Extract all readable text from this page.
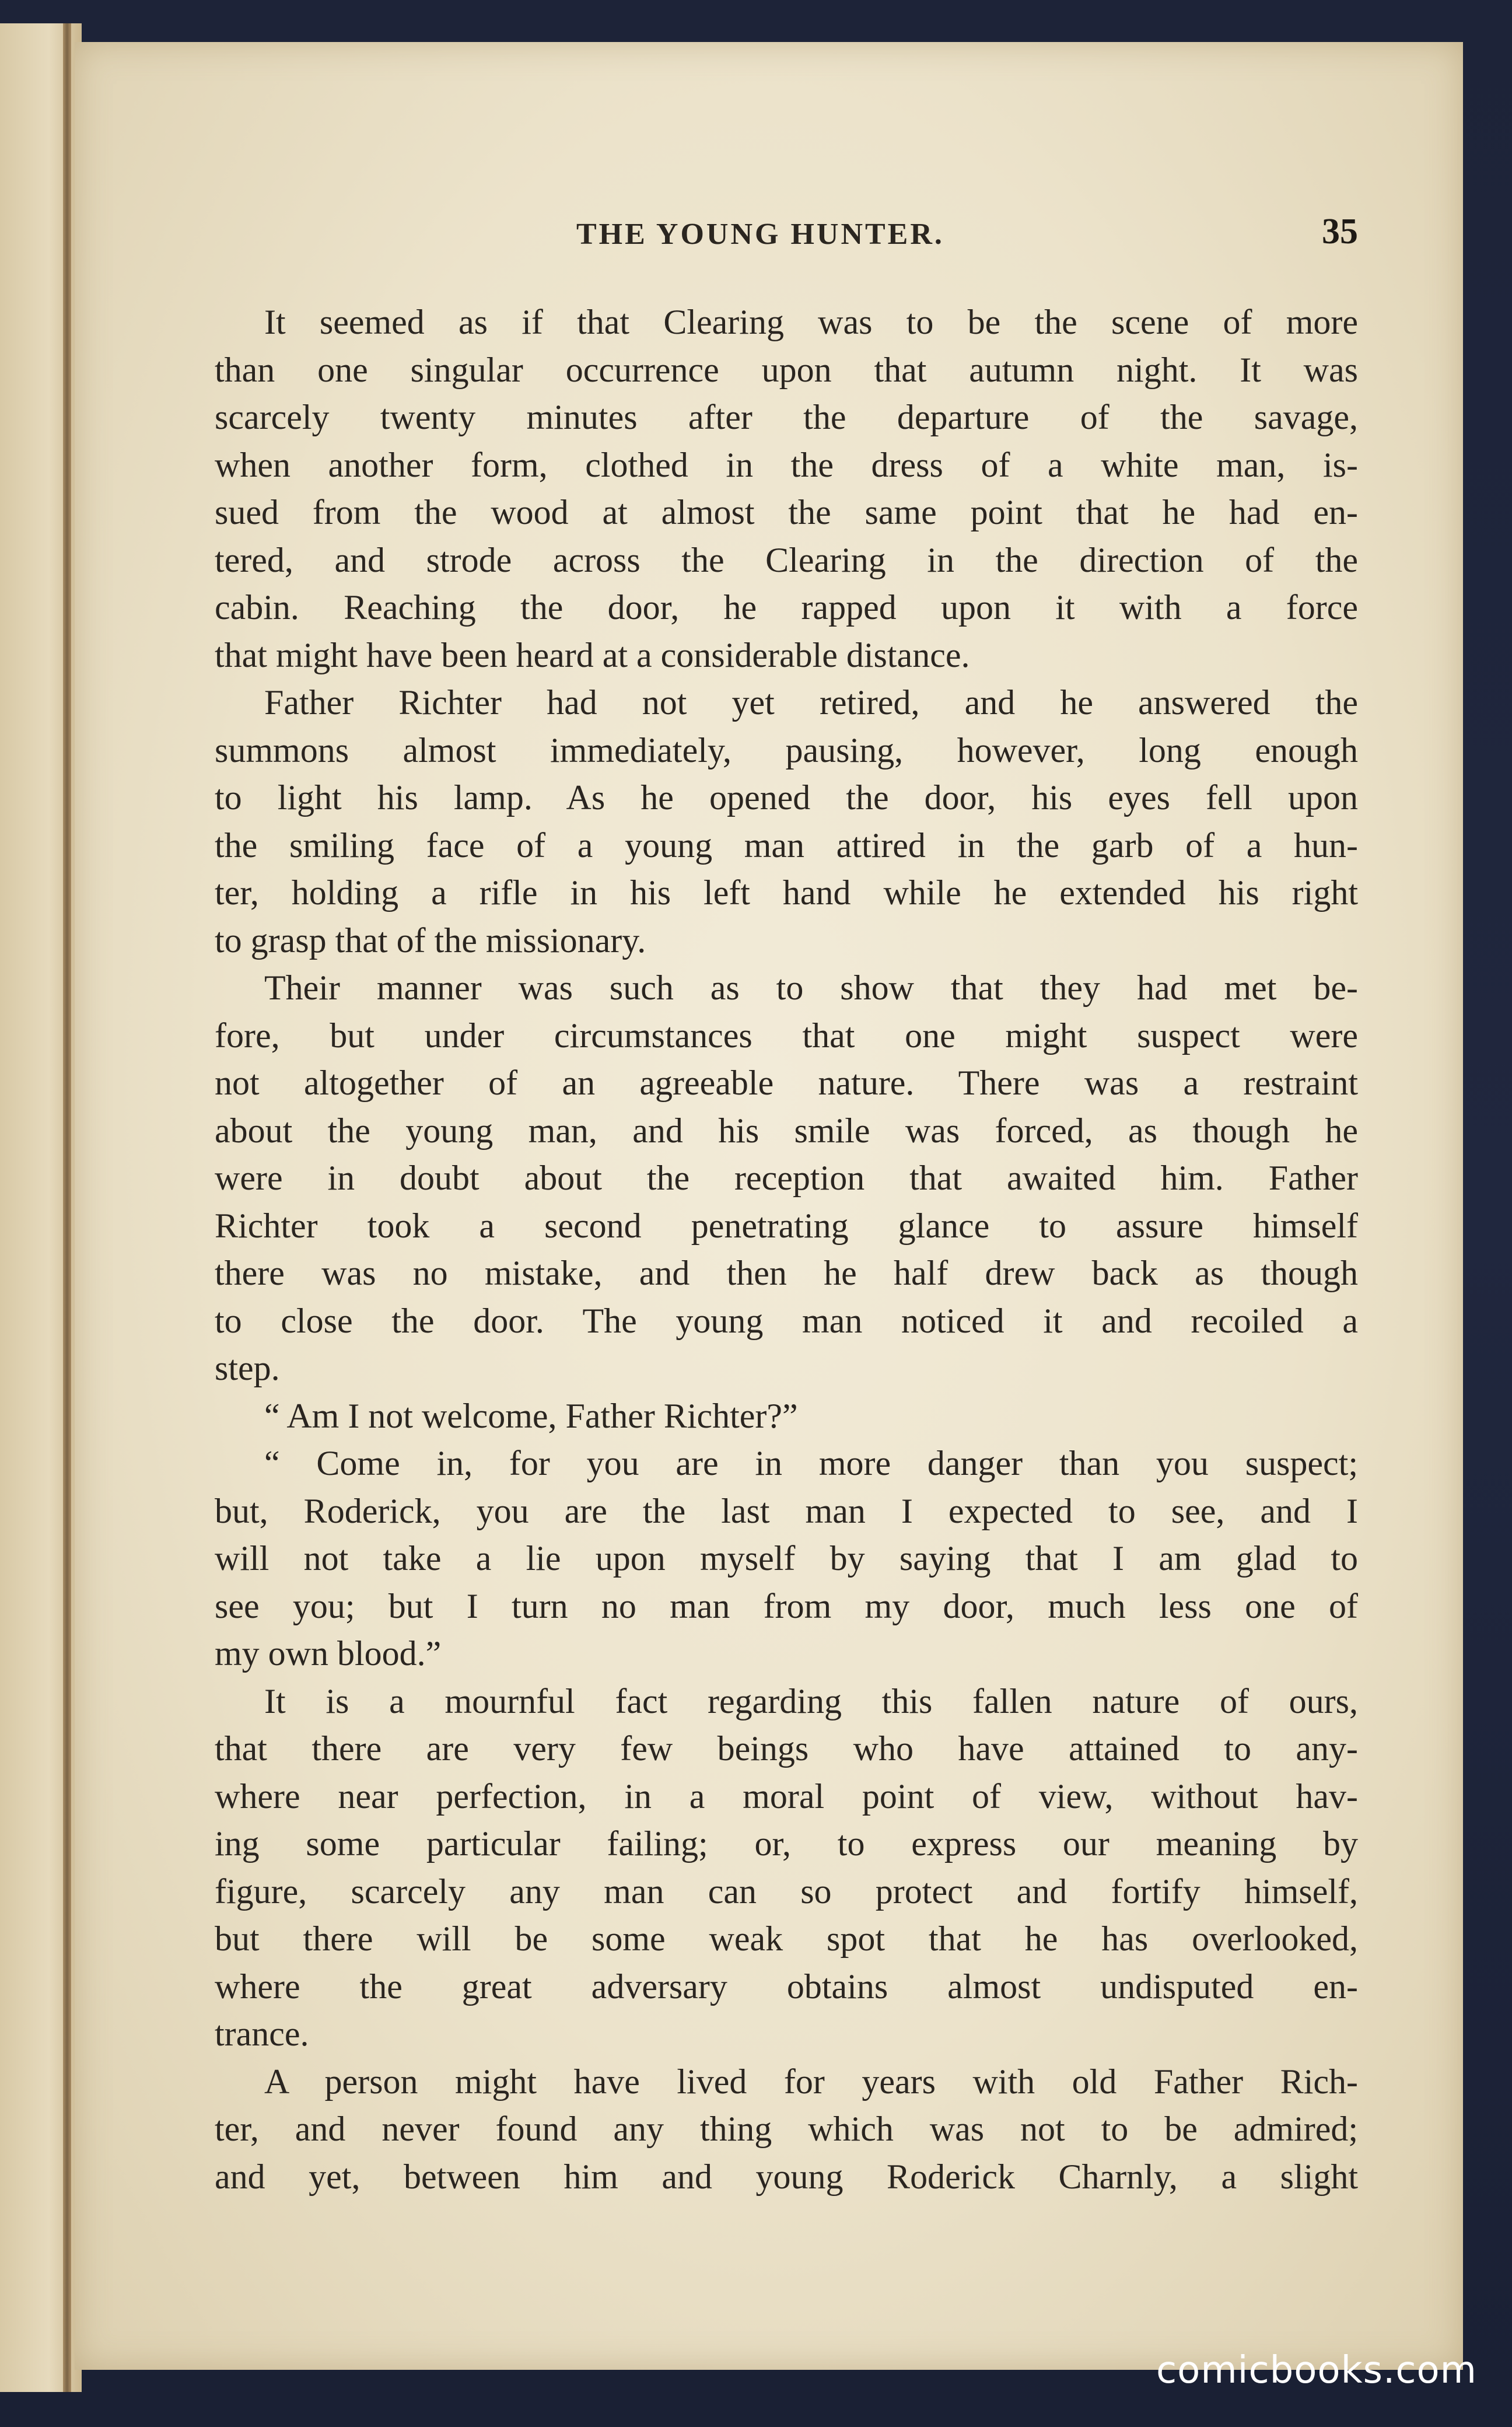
THE YOUNG HUNTER.	35
It seemed as if that Clearing was to be the scene of more
than one singular occurrence upon that autumn night. It was
scarcely twenty minutes after the departure of the savage,
when another form, clothed in the dress of a white man, is-
sued from the wood at almost the same point that he had en-
tered, and strode across the Clearing in the direction of the
cabin. Reaching the door, he rapped upon it with a force
that might have been heard at a considerable distance.
Father Richter had not yet retired, and he answered the
summons almost immediately, pausing, however, long enough
to light his lamp. As he opened the door, his eyes fell upon
the smiling face of a young man attired in the garb of a hun-
ter, holding a rifle in his left hand while he extended his right
to grasp that of the missionary.
Their manner was such as to show that they had met be-
fore, but under circumstances that one might suspect were
not altogether of an agreeable nature. There was a restraint
about the young man, and his smile was forced, as though he
were in doubt about the reception that awaited him. Father
Richter took a second penetrating glance to assure himself
there was no mistake, and then he half drew back as though
to close the door. The young man noticed it and recoiled a
step.
“ Am I not welcome, Father Richter?”
“ Come in, for you are in more danger than you suspect;
but, Roderick, you are the last man I expected to see, and I
will not take a lie upon myself by saying that I am glad to
see you; but I turn no man from my door, much less one of
my own blood.”
It is a mournful fact regarding this fallen nature of ours,
that there are very few beings who have attained to any-
where near perfection, in a moral point of view, without hav-
ing some particular failing; or, to express our meaning by
figure, scarcely any man can so protect and fortify himself,
but there will be some weak spot that he has overlooked,
where the great adversary obtains almost undisputed en-
trance.
A person might have lived for years with old Father Rich-
ter, and never found any thing which was not to be admired;
and yet, between him and young Roderick Charnly, a slight
comicbooks.com
